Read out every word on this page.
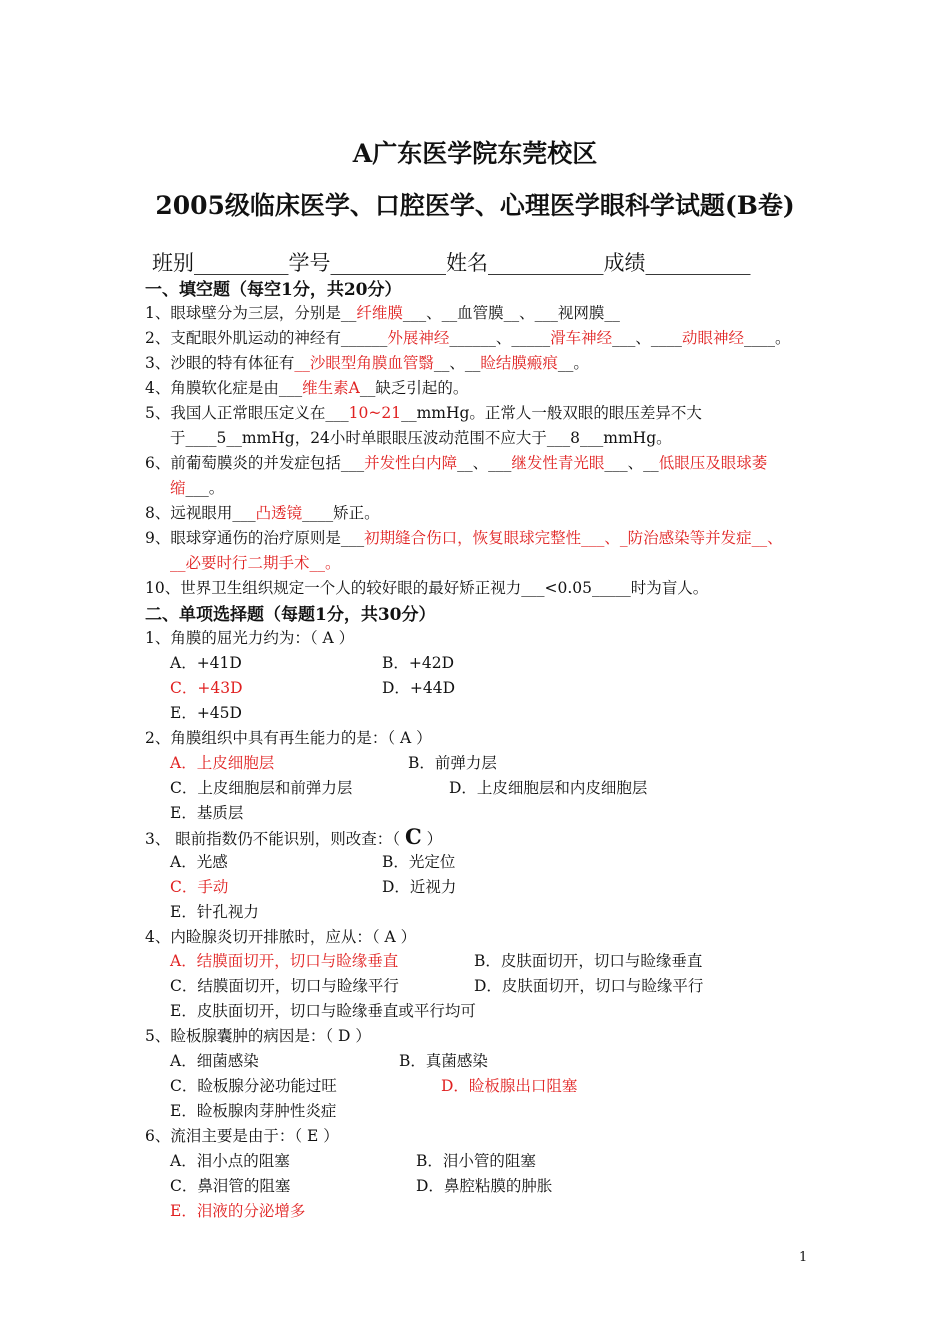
A广东医学院东莞校区
2005级临床医学、口腔医学、心理医学眼科学试题(B卷)
班别_________学号___________姓名___________成绩__________
一、填空题（每空1分，共20分）
1、眼球壁分为三层，分别是__纤维膜___、__血管膜__、___视网膜__
2、支配眼外肌运动的神经有______外展神经______、_____滑车神经___、____动眼神经____。
3、沙眼的特有体征有__沙眼型角膜血管翳__、__睑结膜瘢痕__。
4、角膜软化症是由___维生素A__缺乏引起的。
5、我国人正常眼压定义在___10~21__mmHg。正常人一般双眼的眼压差异不大
于____5__mmHg，24小时单眼眼压波动范围不应大于___8___mmHg。
6、前葡萄膜炎的并发症包括___并发性白内障__、___继发性青光眼___、__低眼压及眼球萎
缩___。
8、远视眼用___凸透镜____矫正。
9、眼球穿通伤的治疗原则是___初期缝合伤口，恢复眼球完整性___、_防治感染等并发症__、
__必要时行二期手术__。
10、世界卫生组织规定一个人的较好眼的最好矫正视力___<0.05_____时为盲人。
二、单项选择题（每题1分，共30分）
1、角膜的屈光力约为：（ A ）
A．+41D	B．+42D
C．+43D	D．+44D
E．+45D
2、角膜组织中具有再生能力的是：（ A ）
A．上皮细胞层	B．前弹力层
C．上皮细胞层和前弹力层	D．上皮细胞层和内皮细胞层
E．基质层
3、 眼前指数仍不能识别，则改查：（ C ）
A．光感	B．光定位
C．手动	D．近视力
E．针孔视力
4、内睑腺炎切开排脓时，应从：（ A ）
A．结膜面切开，切口与睑缘垂直	B．皮肤面切开，切口与睑缘垂直
C．结膜面切开，切口与睑缘平行	D．皮肤面切开，切口与睑缘平行
E．皮肤面切开，切口与睑缘垂直或平行均可
5、睑板腺囊肿的病因是：（ D ）
A．细菌感染	B．真菌感染
C．睑板腺分泌功能过旺	D．睑板腺出口阻塞
E．睑板腺肉芽肿性炎症
6、流泪主要是由于：（ E ）
A．泪小点的阻塞	B．泪小管的阻塞
C．鼻泪管的阻塞	D．鼻腔粘膜的肿胀
E．泪液的分泌增多
1
